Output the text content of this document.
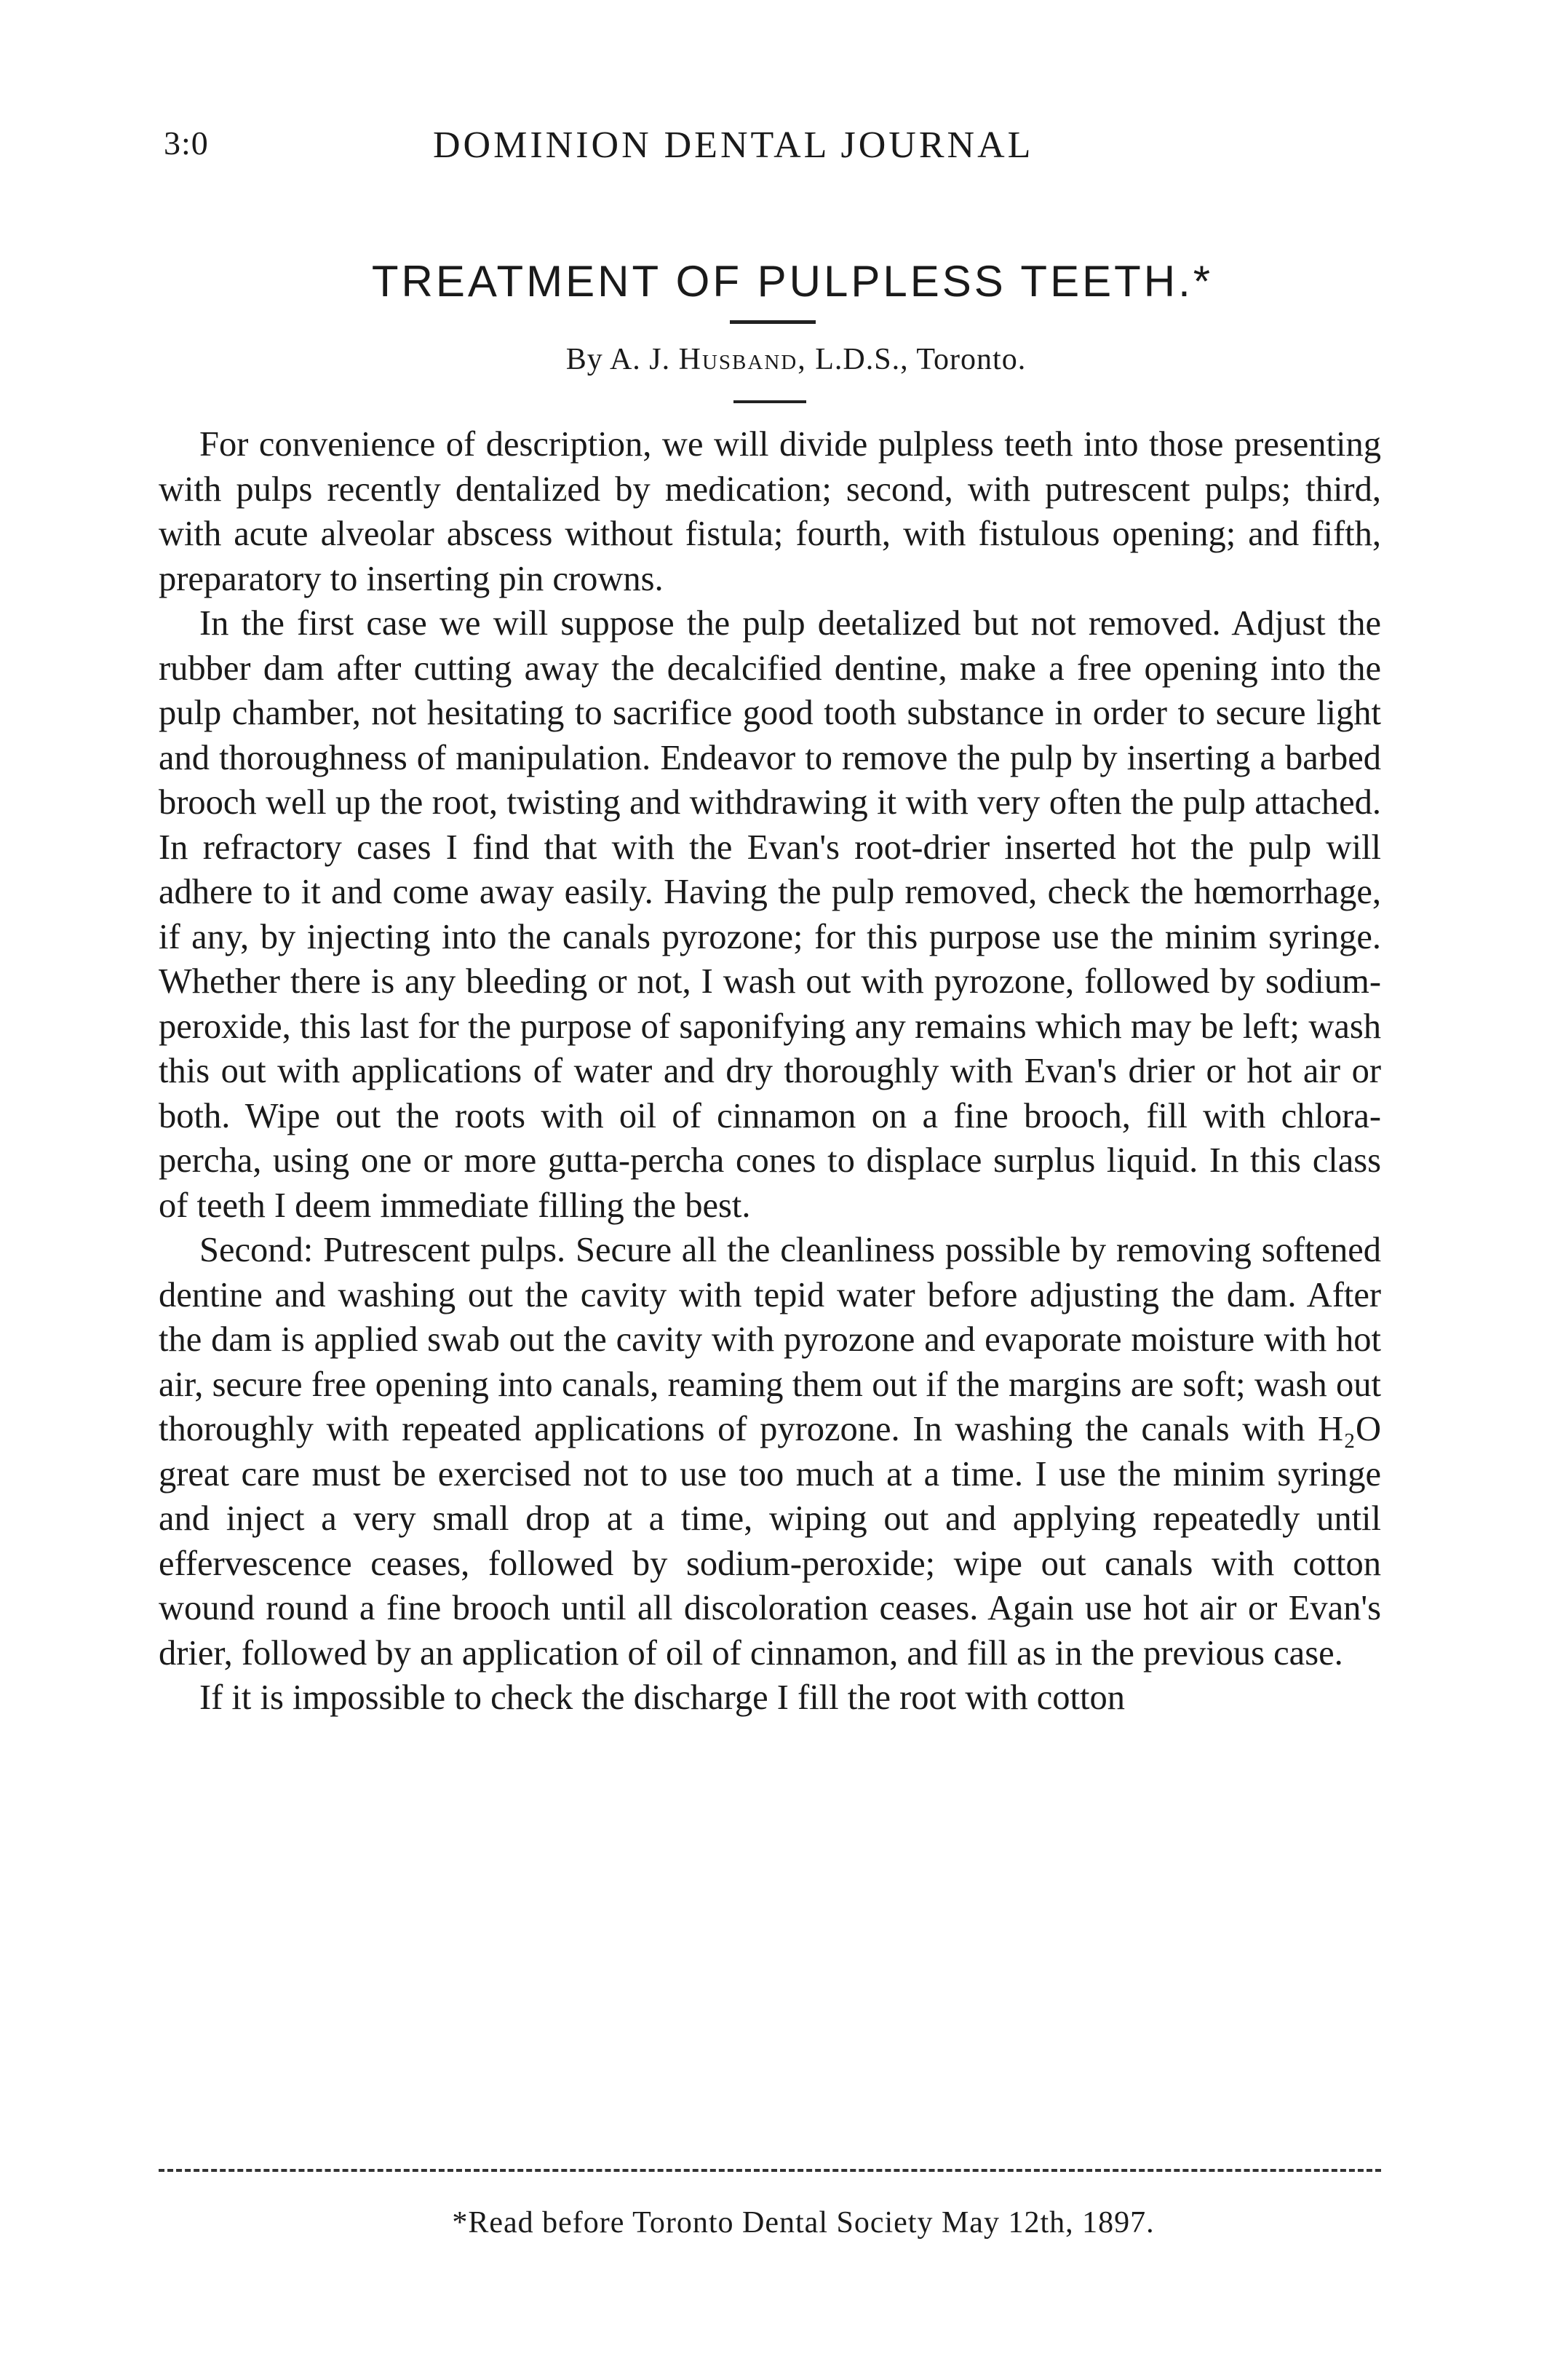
3:0	DOMINION DENTAL JOURNAL
TREATMENT OF PULPLESS TEETH.*
By A. J. Husband, L.D.S., Toronto.

For convenience of description, we will divide pulpless teeth into those presenting with pulps recently dentalized by medication; second, with putrescent pulps; third, with acute alveolar abscess without fistula; fourth, with fistulous opening; and fifth, preparatory to inserting pin crowns.

In the first case we will suppose the pulp deetalized but not removed. Adjust the rubber dam after cutting away the decalcified dentine, make a free opening into the pulp chamber, not hesitating to sacrifice good tooth substance in order to secure light and thoroughness of manipulation. Endeavor to remove the pulp by inserting a barbed brooch well up the root, twisting and withdrawing it with very often the pulp attached. In refractory cases I find that with the Evan's root-drier inserted hot the pulp will adhere to it and come away easily. Having the pulp removed, check the hœmorrhage, if any, by injecting into the canals pyrozone; for this purpose use the minim syringe. Whether there is any bleeding or not, I wash out with pyrozone, followed by sodium-peroxide, this last for the purpose of saponifying any remains which may be left; wash this out with applications of water and dry thoroughly with Evan's drier or hot air or both. Wipe out the roots with oil of cinnamon on a fine brooch, fill with chlora-percha, using one or more gutta-percha cones to displace surplus liquid. In this class of teeth I deem immediate filling the best.

Second: Putrescent pulps. Secure all the cleanliness possible by removing softened dentine and washing out the cavity with tepid water before adjusting the dam. After the dam is applied swab out the cavity with pyrozone and evaporate moisture with hot air, secure free opening into canals, reaming them out if the margins are soft; wash out thoroughly with repeated applications of pyrozone. In washing the canals with H₂O great care must be exercised not to use too much at a time. I use the minim syringe and inject a very small drop at a time, wiping out and applying repeatedly until effervescence ceases, followed by sodium-peroxide; wipe out canals with cotton wound round a fine brooch until all discoloration ceases. Again use hot air or Evan's drier, followed by an application of oil of cinnamon, and fill as in the previous case.

If it is impossible to check the discharge I fill the root with cotton

*Read before Toronto Dental Society May 12th, 1897.
